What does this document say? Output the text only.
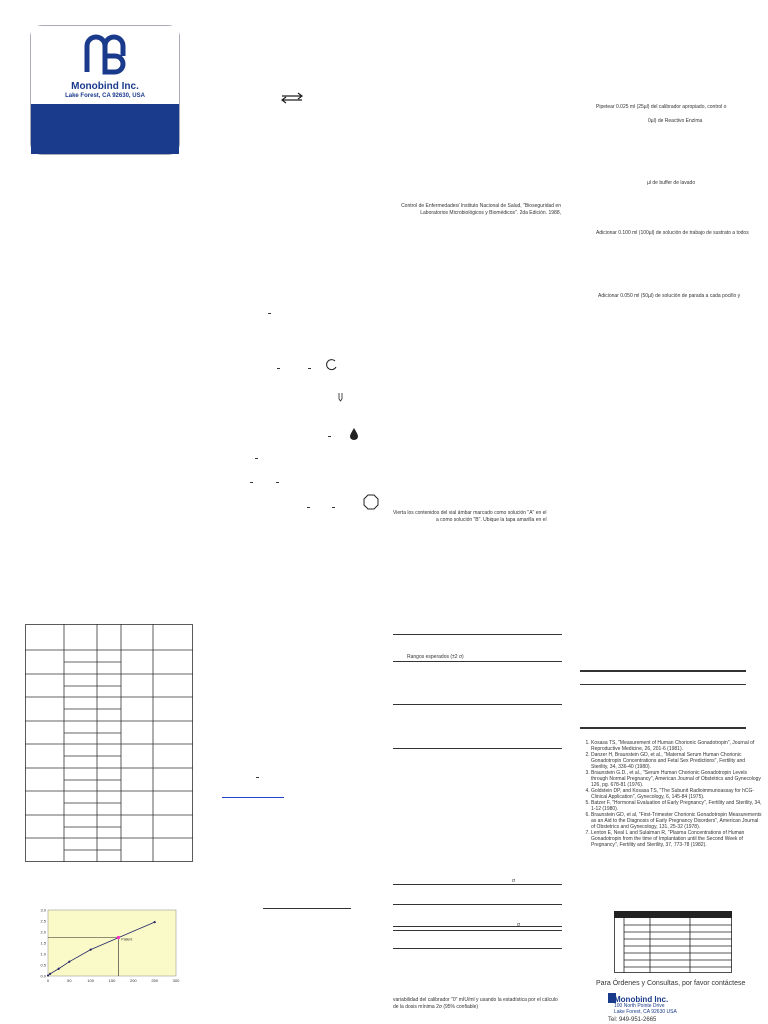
Monobind Inc.
Lake Forest, CA 92630, USA
AccuBind
ELISA Microwells
Control de Enfermedades/ Instituto Nacional de Salud, "Bioseguridad en Laboratorios Microbiológicos y Biomédicos". 2da Edición. 1988,
Vierta los contenidos del vial ámbar marcado como solución "A" en el
a como solución "B". Ubique la tapa amarilla en el
Rangos esperados (±2 σ)
σ
σ
variabilidad del calibrador "0" mIU/ml y usando la estadística por el cálculo de la dosis mínima 2σ (95% confiable)
Pipetear 0.025 ml (25µl) del calibrador apropiado, control o
0µl) de Reactivo Enzima
µl de buffer de lavado
Adicionar 0.100 ml (100µl) de solución de trabajo de sustrato a todos
Adicionar 0.050 ml (50µl) de solución de parada a cada pocillo y
1. Kosasa TS, "Measurement of Human Chorionic Gonadotropin", Journal of Reproductive Medicine, 26, 201-6 (1981).
2. Danzer H, Braunstein GD, et al., "Maternal Serum Human Chorionic Gonadotropin Concentrations and Fetal Sex Predictions", Fertility and Sterility, 34, 336-40 (1980).
3. Braunstein G.D., et al., "Serum Human Chorionic Gonadotropin Levels through Normal Pregnancy", American Journal of Obstetrics and Gynecology 126, pg. 678-81 (1976).
4. Goldstein DP, and Kosasa TS, "The Subunit Radioimmunoassay for hCG-Clinical Application", Gynecology, 6, 145-84 (1975).
5. Batzer F, "Hormonal Evaluation of Early Pregnancy", Fertility and Sterility, 34, 1-12 (1980).
6. Braunstein GD, et al, "First-Trimester Chorionic Gonadotropin Measurements as an Aid to the Diagnosis of Early Pregnancy Disorders", American Journal of Obstetrics and Gynecology, 131, 25-32 (1978).
7. Lenton E, Neal L and Sulaiman R, "Plasma Concentrations of Human Gonadotropin from the time of Implantation until the Second Week of Pregnancy", Fertility and Sterility, 37, 773-78 (1982).
0.0
0.5
1.0
1.5
2.0
2.5
3.0
0	50	100	150	200	250	300
Patient
Para Órdenes y Consultas, por favor contáctese
Monobind Inc.
100 North Pointe Drive
Lake Forest, CA 92630 USA
Tel: 949-951-2665
